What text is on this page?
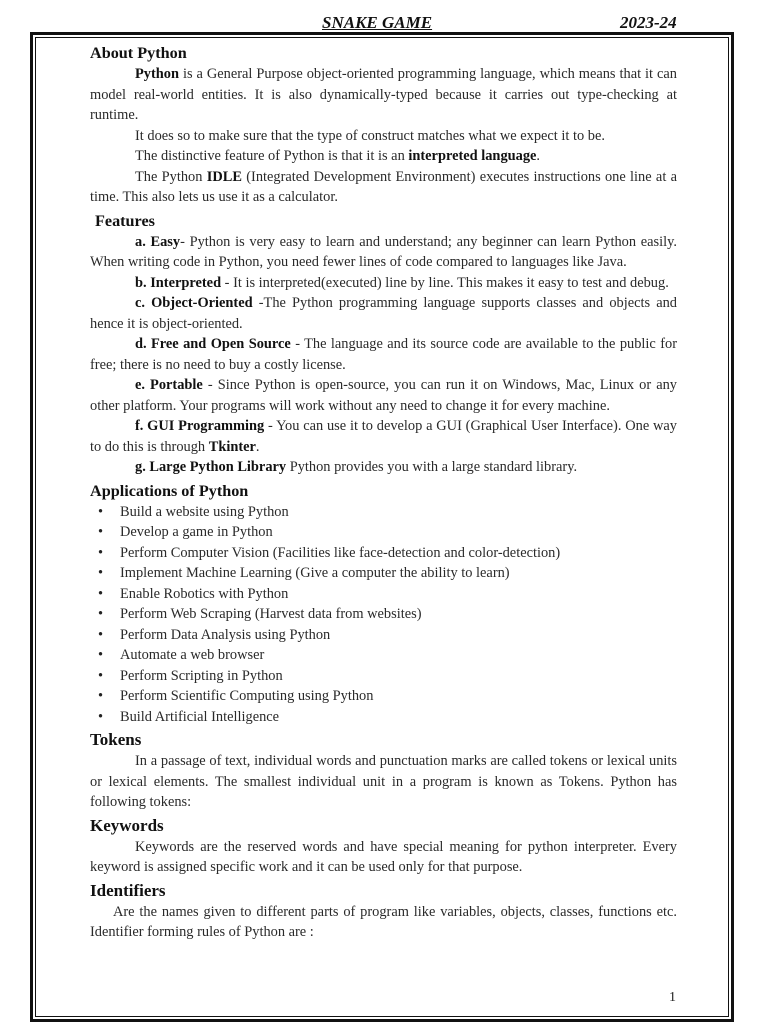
SNAKE GAME	2023-24
About Python

Python is a General Purpose object-oriented programming language, which means that it can model real-world entities. It is also dynamically-typed because it carries out type-checking at runtime.

It does so to make sure that the type of construct matches what we expect it to be.

The distinctive feature of Python is that it is an interpreted language.

The Python IDLE (Integrated Development Environment) executes instructions one line at a time. This also lets us use it as a calculator.

Features

a. Easy- Python is very easy to learn and understand; any beginner can learn Python easily. When writing code in Python, you need fewer lines of code compared to languages like Java.

b. Interpreted - It is interpreted(executed) line by line. This makes it easy to test and debug.

c. Object-Oriented -The Python programming language supports classes and objects and hence it is object-oriented.

d. Free and Open Source - The language and its source code are available to the public for free; there is no need to buy a costly license.

e. Portable - Since Python is open-source, you can run it on Windows, Mac, Linux or any other platform. Your programs will work without any need to change it for every machine.

f. GUI Programming - You can use it to develop a GUI (Graphical User Interface). One way to do this is through Tkinter.

g. Large Python Library Python provides you with a large standard library.

Applications of Python
• Build a website using Python
• Develop a game in Python
• Perform Computer Vision (Facilities like face-detection and color-detection)
• Implement Machine Learning (Give a computer the ability to learn)
• Enable Robotics with Python
• Perform Web Scraping (Harvest data from websites)
• Perform Data Analysis using Python
• Automate a web browser
• Perform Scripting in Python
• Perform Scientific Computing using Python
• Build Artificial Intelligence
Tokens

In a passage of text, individual words and punctuation marks are called tokens or lexical units or lexical elements. The smallest individual unit in a program is known as Tokens. Python has following tokens:

Keywords

Keywords are the reserved words and have special meaning for python interpreter. Every keyword is assigned specific work and it can be used only for that purpose.

Identifiers

Are the names given to different parts of program like variables, objects, classes, functions etc. Identifier forming rules of Python are :

1
